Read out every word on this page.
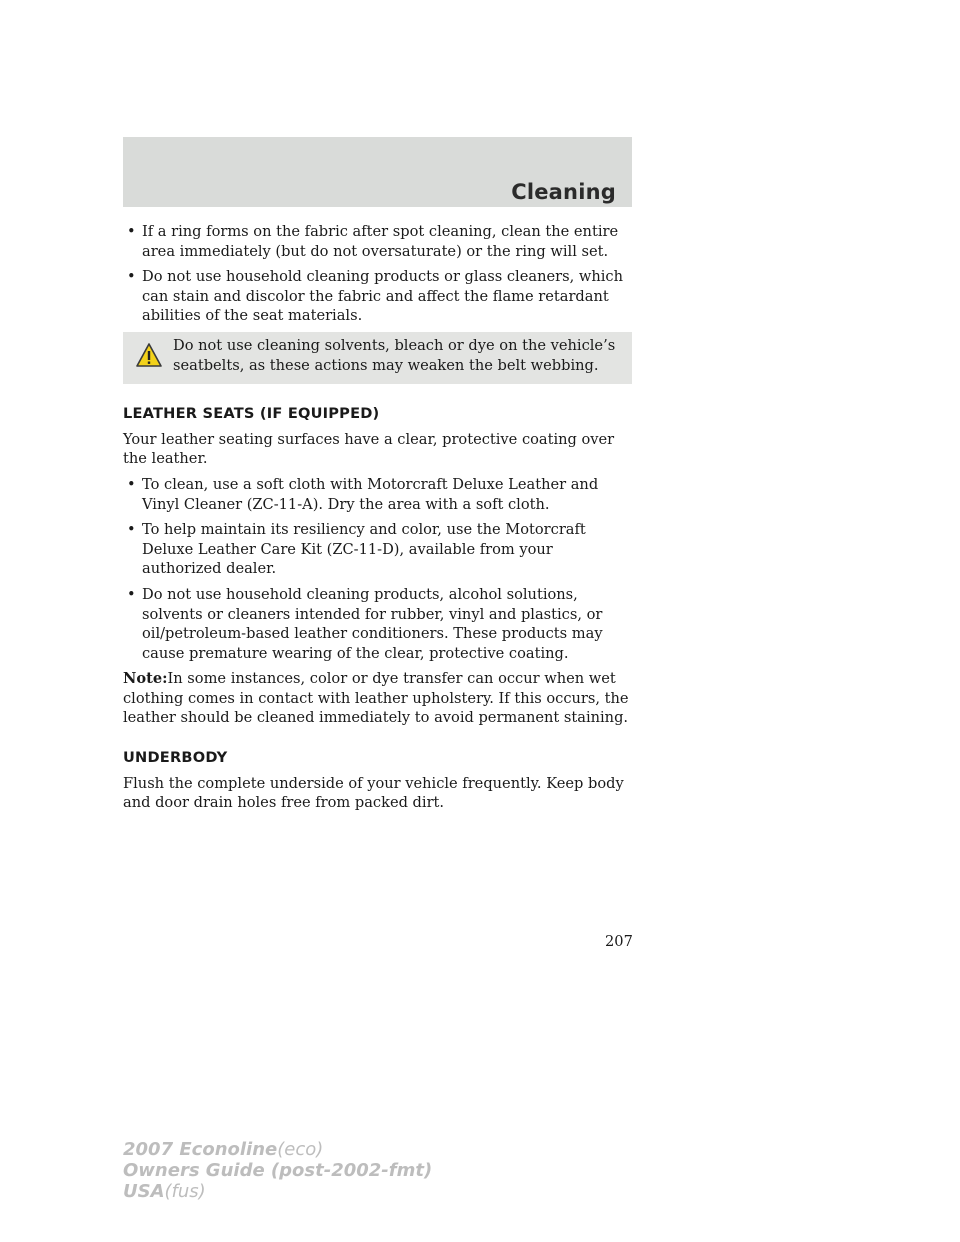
Cleaning
• If a ring forms on the fabric after spot cleaning, clean the entire area immediately (but do not oversaturate) or the ring will set.
• Do not use household cleaning products or glass cleaners, which can stain and discolor the fabric and affect the flame retardant abilities of the seat materials.
Do not use cleaning solvents, bleach or dye on the vehicle’s seatbelts, as these actions may weaken the belt webbing.
LEATHER SEATS (IF EQUIPPED)

Your leather seating surfaces have a clear, protective coating over the leather.

• To clean, use a soft cloth with Motorcraft Deluxe Leather and Vinyl Cleaner (ZC-11-A). Dry the area with a soft cloth.
• To help maintain its resiliency and color, use the Motorcraft Deluxe Leather Care Kit (ZC-11-D), available from your authorized dealer.
• Do not use household cleaning products, alcohol solutions, solvents or cleaners intended for rubber, vinyl and plastics, or oil/petroleum-based leather conditioners. These products may cause premature wearing of the clear, protective coating.

Note:In some instances, color or dye transfer can occur when wet clothing comes in contact with leather upholstery. If this occurs, the leather should be cleaned immediately to avoid permanent staining.

UNDERBODY

Flush the complete underside of your vehicle frequently. Keep body and door drain holes free from packed dirt.

207
2007 Econoline(eco)
Owners Guide (post-2002-fmt)
USA(fus)
